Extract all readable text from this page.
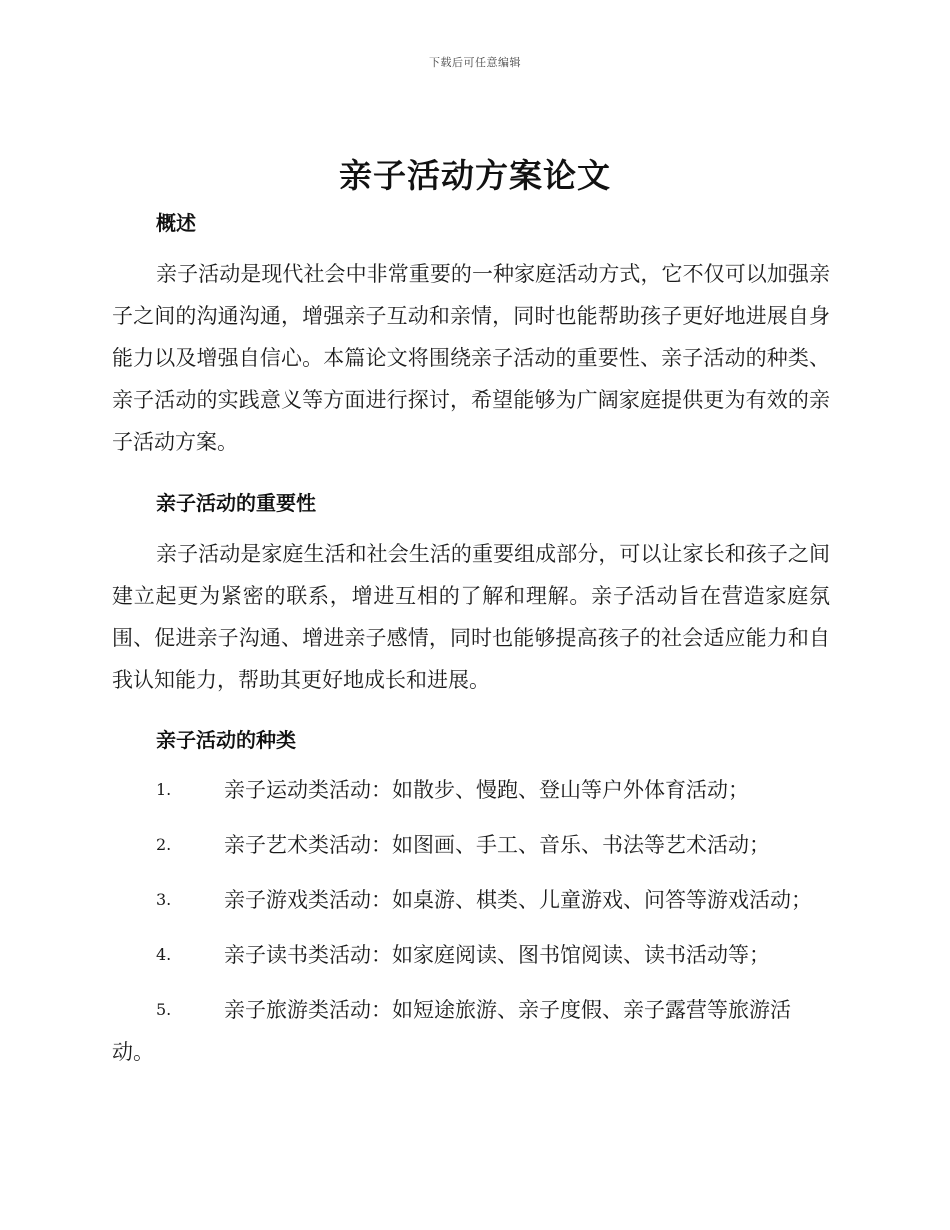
下载后可任意编辑
亲子活动方案论文
概述
亲子活动是现代社会中非常重要的一种家庭活动方式，它不仅可以加强亲子之间的沟通沟通，增强亲子互动和亲情，同时也能帮助孩子更好地进展自身能力以及增强自信心。本篇论文将围绕亲子活动的重要性、亲子活动的种类、亲子活动的实践意义等方面进行探讨，希望能够为广阔家庭提供更为有效的亲子活动方案。
亲子活动的重要性
亲子活动是家庭生活和社会生活的重要组成部分，可以让家长和孩子之间建立起更为紧密的联系，增进互相的了解和理解。亲子活动旨在营造家庭氛围、促进亲子沟通、增进亲子感情，同时也能够提高孩子的社会适应能力和自我认知能力，帮助其更好地成长和进展。
亲子活动的种类
1.	亲子运动类活动：如散步、慢跑、登山等户外体育活动；
2.	亲子艺术类活动：如图画、手工、音乐、书法等艺术活动；
3.	亲子游戏类活动：如桌游、棋类、儿童游戏、问答等游戏活动；
4.	亲子读书类活动：如家庭阅读、图书馆阅读、读书活动等；
5.	亲子旅游类活动：如短途旅游、亲子度假、亲子露营等旅游活
动。
